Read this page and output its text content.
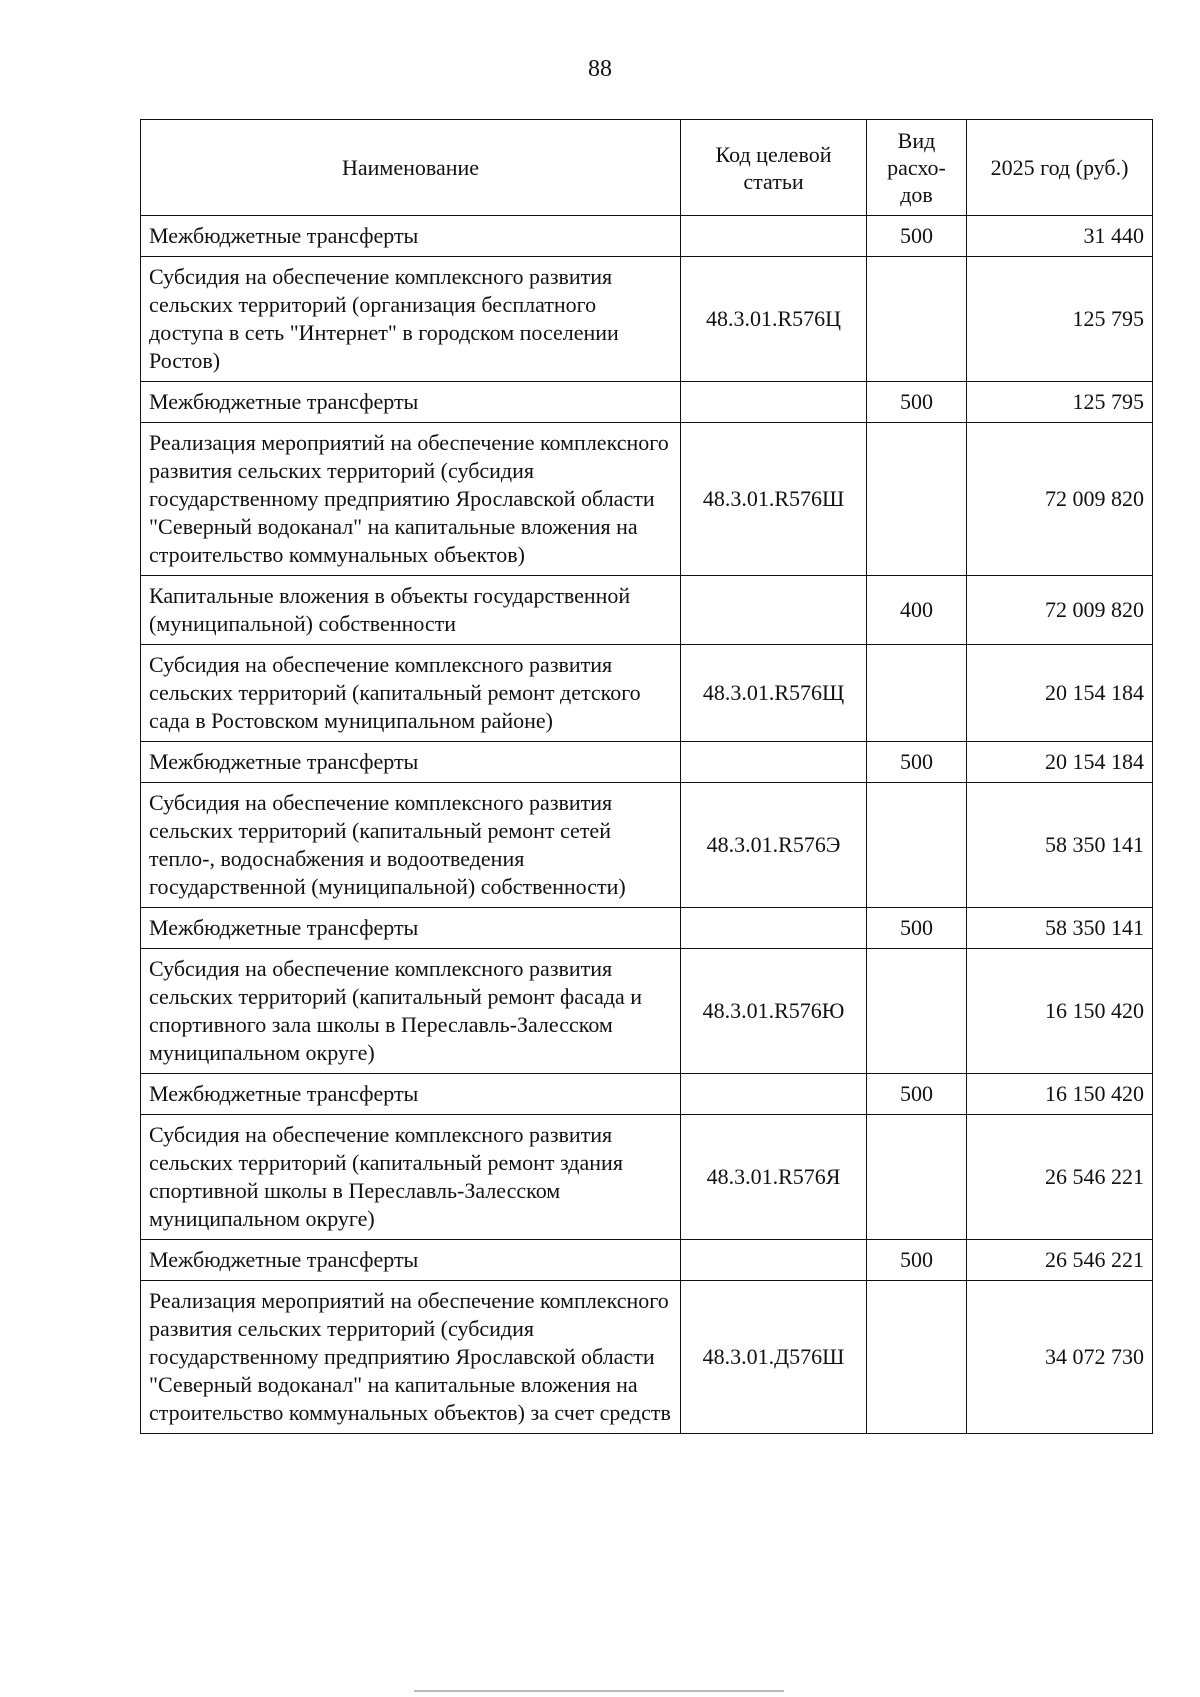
88
Наименование	Код целевой статьи	Вид расхо-дов	2025 год (руб.)
Межбюджетные трансферты		500	31 440
Субсидия на обеспечение комплексного развития сельских территорий (организация бесплатного доступа в сеть "Интернет" в городском поселении Ростов)	48.3.01.R576Ц		125 795
Межбюджетные трансферты		500	125 795
Реализация мероприятий на обеспечение комплексного развития сельских территорий (субсидия государственному предприятию Ярославской области "Северный водоканал" на капитальные вложения на строительство коммунальных объектов)	48.3.01.R576Ш		72 009 820
Капитальные вложения в объекты государственной (муниципальной) собственности		400	72 009 820
Субсидия на обеспечение комплексного развития сельских территорий (капитальный ремонт детского сада в Ростовском муниципальном районе)	48.3.01.R576Щ		20 154 184
Межбюджетные трансферты		500	20 154 184
Субсидия на обеспечение комплексного развития сельских территорий (капитальный ремонт сетей тепло-, водоснабжения и водоотведения государственной (муниципальной) собственности)	48.3.01.R576Э		58 350 141
Межбюджетные трансферты		500	58 350 141
Субсидия на обеспечение комплексного развития сельских территорий (капитальный ремонт фасада и спортивного зала школы в Переславль-Залесском муниципальном округе)	48.3.01.R576Ю		16 150 420
Межбюджетные трансферты		500	16 150 420
Субсидия на обеспечение комплексного развития сельских территорий (капитальный ремонт здания спортивной школы в Переславль-Залесском муниципальном округе)	48.3.01.R576Я		26 546 221
Межбюджетные трансферты		500	26 546 221
Реализация мероприятий на обеспечение комплексного развития сельских территорий (субсидия государственному предприятию Ярославской области "Северный водоканал" на капитальные вложения на строительство коммунальных объектов) за счет средств	48.3.01.Д576Ш		34 072 730
